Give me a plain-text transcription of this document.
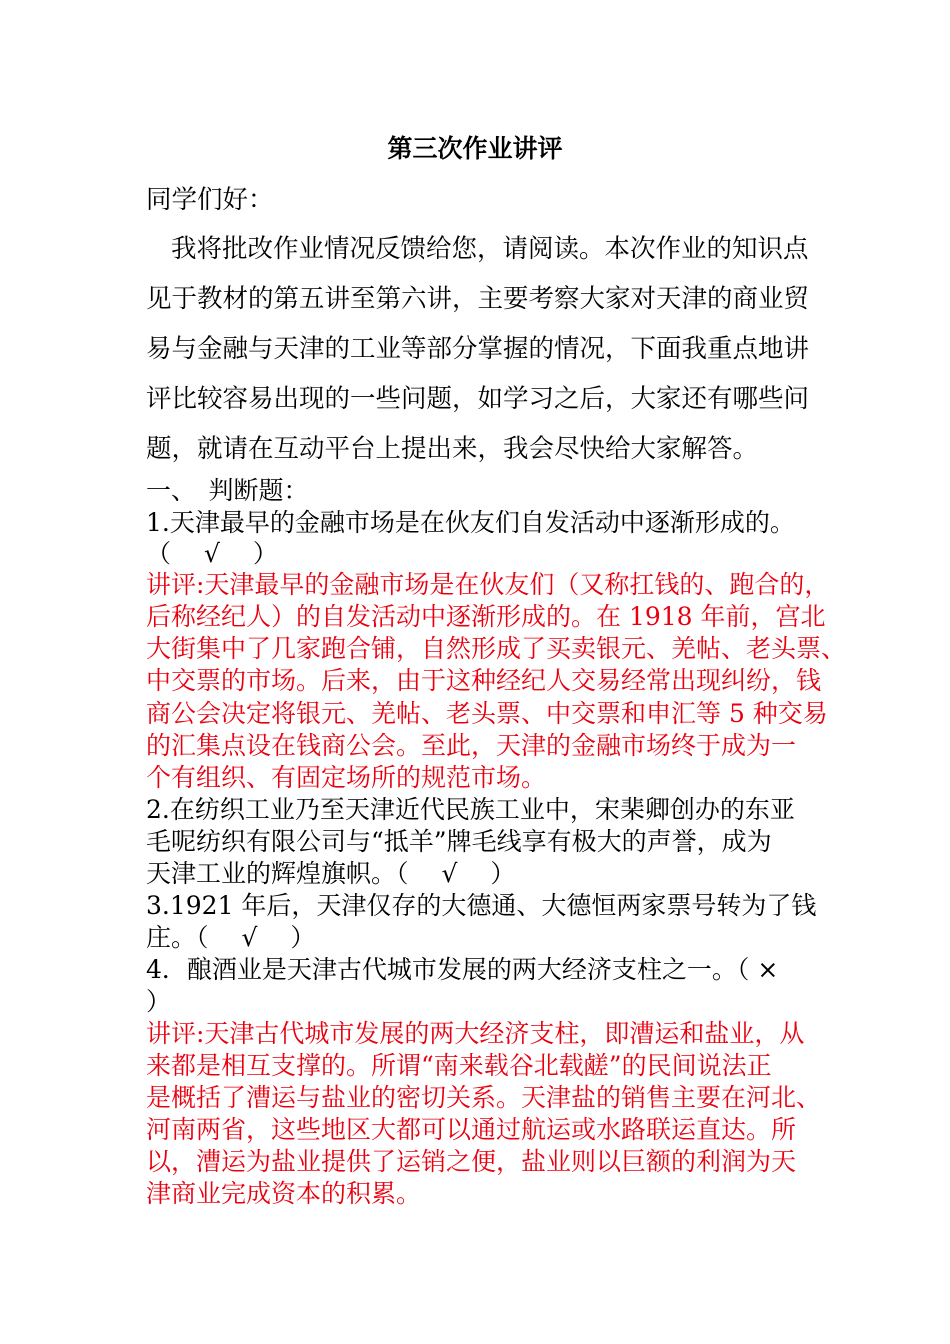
第三次作业讲评
同学们好：
我将批改作业情况反馈给您，请阅读。本次作业的知识点
见于教材的第五讲至第六讲，主要考察大家对天津的商业贸
易与金融与天津的工业等部分掌握的情况，下面我重点地讲
评比较容易出现的一些问题，如学习之后，大家还有哪些问
题，就请在互动平台上提出来，我会尽快给大家解答。
一、　判断题：
1.天津最早的金融市场是在伙友们自发活动中逐渐形成的。
（　 √　 ）
讲评:天津最早的金融市场是在伙友们（又称扛钱的、跑合的，
后称经纪人）的自发活动中逐渐形成的。在 1918 年前，宫北
大街集中了几家跑合铺，自然形成了买卖银元、羌帖、老头票、
中交票的市场。后来，由于这种经纪人交易经常出现纠纷，钱
商公会决定将银元、羌帖、老头票、中交票和申汇等 5 种交易
的汇集点设在钱商公会。至此，天津的金融市场终于成为一
个有组织、有固定场所的规范市场。
2.在纺织工业乃至天津近代民族工业中，宋棐卿创办的东亚
毛呢纺织有限公司与“抵羊”牌毛线享有极大的声誉，成为
天津工业的辉煌旗帜。（　 √　 ）
3.1921 年后，天津仅存的大德通、大德恒两家票号转为了钱
庄。（　 √　 ）
4．酿酒业是天津古代城市发展的两大经济支柱之一。（ ×
）
讲评:天津古代城市发展的两大经济支柱，即漕运和盐业，从
来都是相互支撑的。所谓“南来载谷北载鹾”的民间说法正
是概括了漕运与盐业的密切关系。天津盐的销售主要在河北、
河南两省，这些地区大都可以通过航运或水路联运直达。所
以，漕运为盐业提供了运销之便，盐业则以巨额的利润为天
津商业完成资本的积累。
